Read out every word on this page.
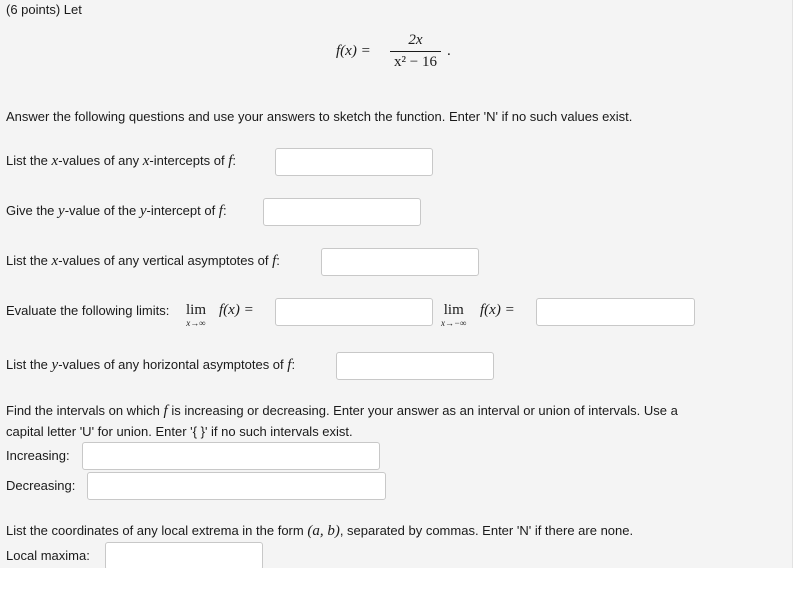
(6 points) Let
$f(x) = \frac{2x}{\text{x² − 16}}$ .
Answer the following questions and use your answers to sketch the function. Enter 'N' if no such values exist.
List the x-values of any x-intercepts of f:
Give the y-value of the y-intercept of f:
List the x-values of any vertical asymptotes of f:
Evaluate the following limits: lim
x→∞
f(x) =	lim
x→−∞
f(x) =
List the y-values of any horizontal asymptotes of f:
Find the intervals on which f is increasing or decreasing. Enter your answer as an interval or union of intervals. Use a
capital letter 'U' for union. Enter '{ }' if no such intervals exist.
Increasing:
Decreasing:
List the coordinates of any local extrema in the form (a, b), separated by commas. Enter 'N' if there are none.
Local maxima:
